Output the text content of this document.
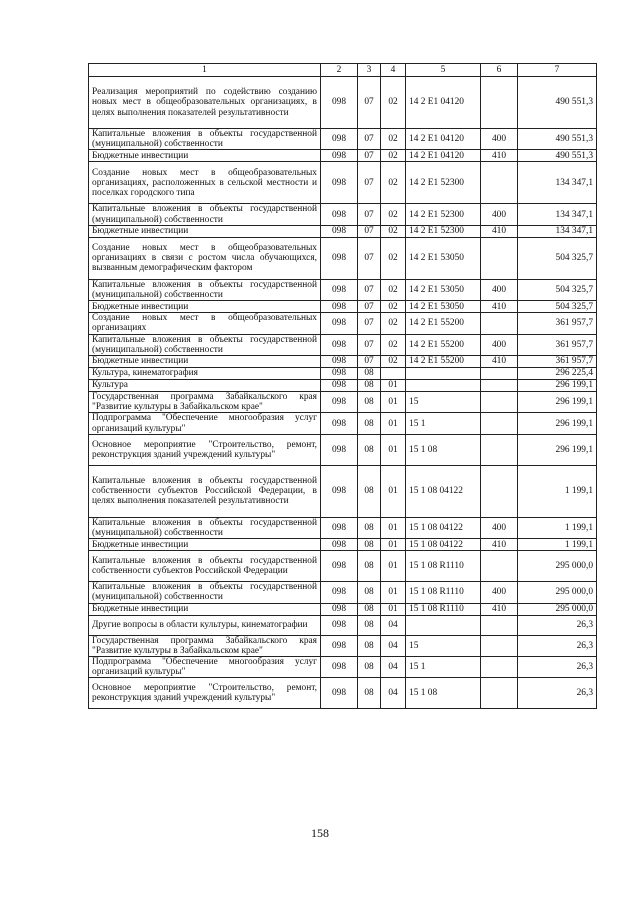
1	2	3	4	5	6	7
Реализация мероприятий по содействию созданию новых мест в общеобразовательных организациях, в целях выполнения показателей результативности	098	07	02	14 2 E1 04120		490 551,3
Капитальные вложения в объекты государственной (муниципальной) собственности	098	07	02	14 2 E1 04120	400	490 551,3
Бюджетные инвестиции	098	07	02	14 2 E1 04120	410	490 551,3
Создание новых мест в общеобразовательных организациях, расположенных в сельской местности и поселках городского типа	098	07	02	14 2 E1 52300		134 347,1
Капитальные вложения в объекты государственной (муниципальной) собственности	098	07	02	14 2 E1 52300	400	134 347,1
Бюджетные инвестиции	098	07	02	14 2 E1 52300	410	134 347,1
Создание новых мест в общеобразовательных организациях в связи с ростом числа обучающихся, вызванным демографическим фактором	098	07	02	14 2 E1 53050		504 325,7
Капитальные вложения в объекты государственной (муниципальной) собственности	098	07	02	14 2 E1 53050	400	504 325,7
Бюджетные инвестиции	098	07	02	14 2 E1 53050	410	504 325,7
Создание новых мест в общеобразовательных организациях	098	07	02	14 2 E1 55200		361 957,7
Капитальные вложения в объекты государственной (муниципальной) собственности	098	07	02	14 2 E1 55200	400	361 957,7
Бюджетные инвестиции	098	07	02	14 2 E1 55200	410	361 957,7
Культура, кинематография	098	08				296 225,4
Культура	098	08	01			296 199,1
Государственная программа Забайкальского края "Развитие культуры в Забайкальском крае"	098	08	01	15		296 199,1
Подпрограмма "Обеспечение многообразия услуг организаций культуры"	098	08	01	15 1		296 199,1
Основное мероприятие "Строительство, ремонт, реконструкция зданий учреждений культуры"	098	08	01	15 1 08		296 199,1
Капитальные вложения в объекты государственной собственности субъектов Российской Федерации, в целях выполнения показателей результативности	098	08	01	15 1 08 04122		1 199,1
Капитальные вложения в объекты государственной (муниципальной) собственности	098	08	01	15 1 08 04122	400	1 199,1
Бюджетные инвестиции	098	08	01	15 1 08 04122	410	1 199,1
Капитальные вложения в объекты государственной собственности субъектов Российской Федерации	098	08	01	15 1 08 R1110		295 000,0
Капитальные вложения в объекты государственной (муниципальной) собственности	098	08	01	15 1 08 R1110	400	295 000,0
Бюджетные инвестиции	098	08	01	15 1 08 R1110	410	295 000,0
Другие вопросы в области культуры, кинематографии	098	08	04			26,3
Государственная программа Забайкальского края "Развитие культуры в Забайкальском крае"	098	08	04	15		26,3
Подпрограмма "Обеспечение многообразия услуг организаций культуры"	098	08	04	15 1		26,3
Основное мероприятие "Строительство, ремонт, реконструкция зданий учреждений культуры"	098	08	04	15 1 08		26,3
158
